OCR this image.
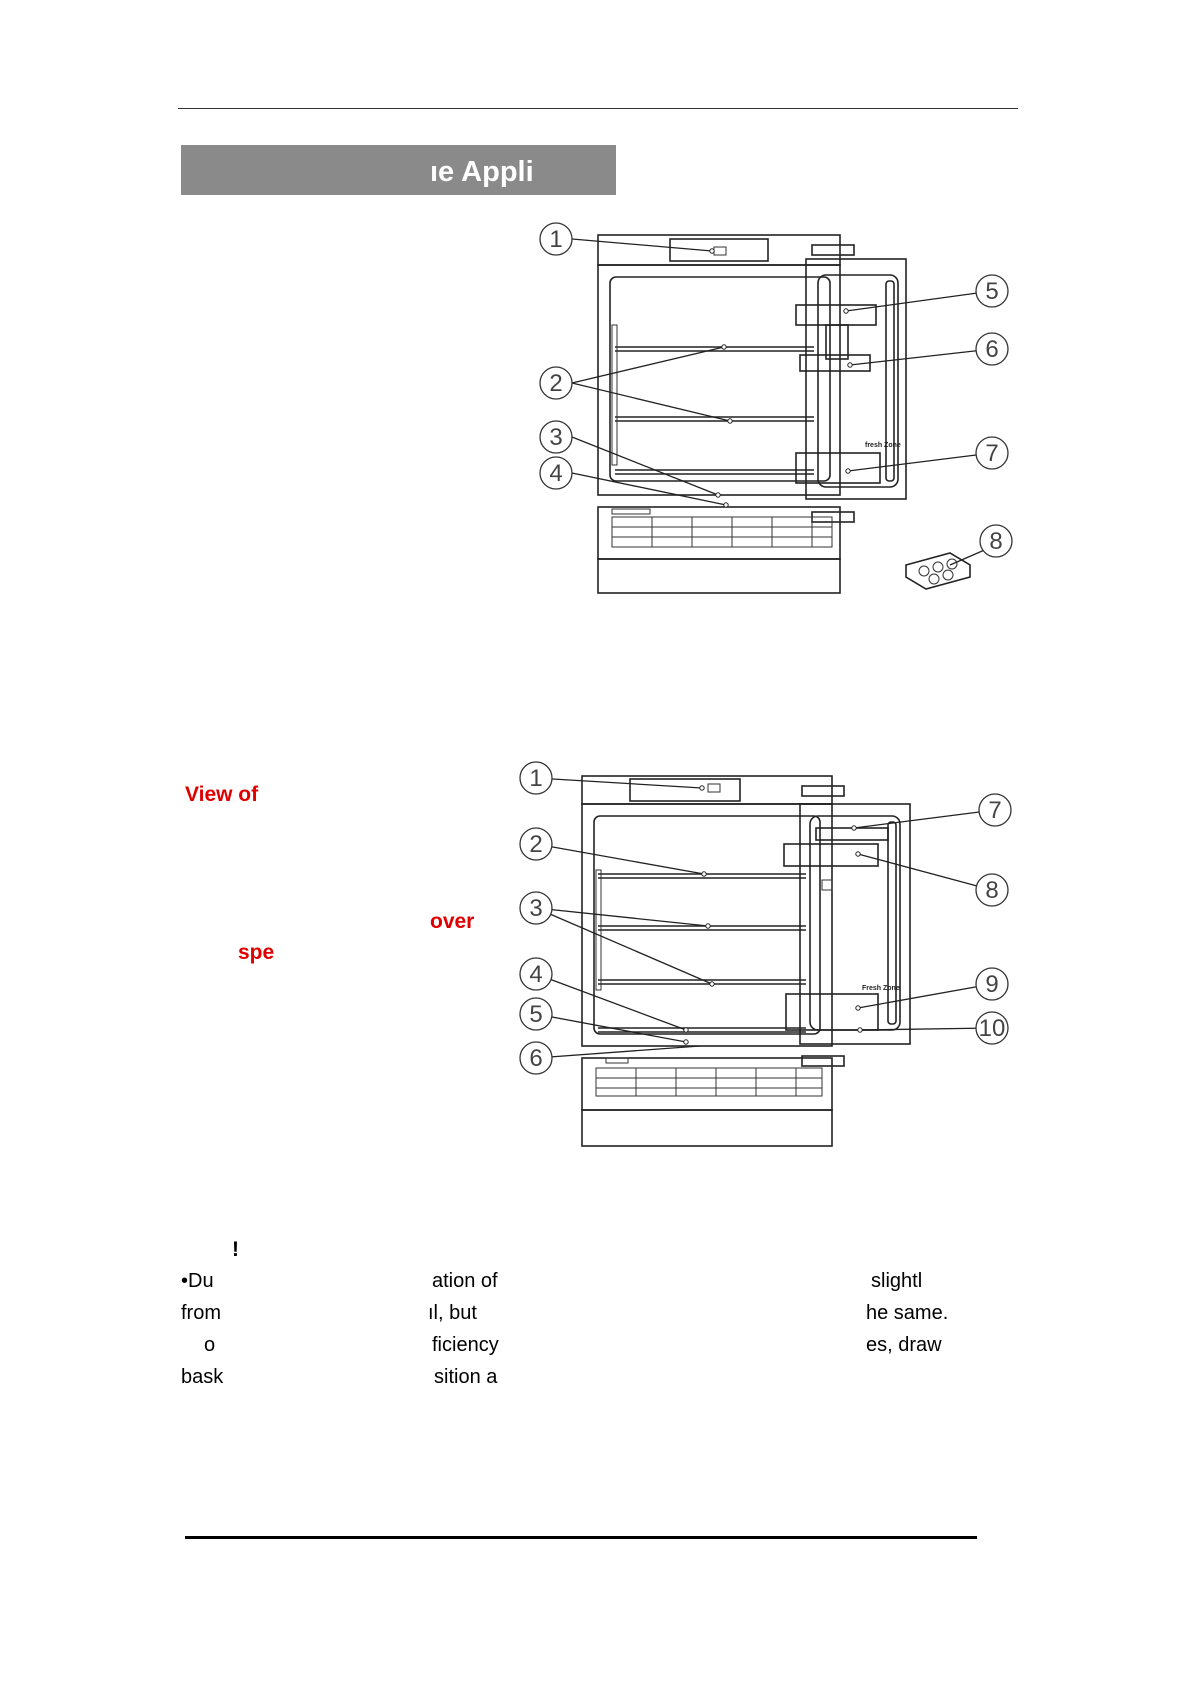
ıe Appli
fresh Zone
1
2
3
4
5
6
7
8
View of
over
spe
Fresh Zone
1
2
3
4
5
6
7
8
9
10
!
•Du	ation of	slightl
from	ıl, but	he same.
o	ficiency	es, draw
bask	sition a
